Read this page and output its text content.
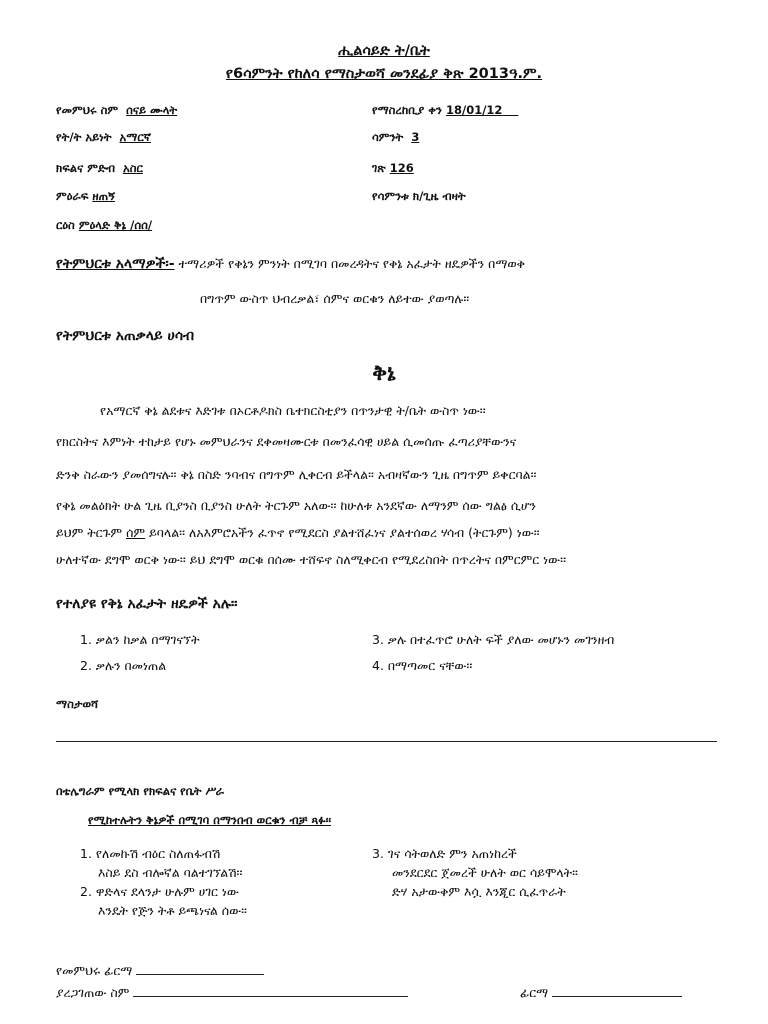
ሒልሳይድ ት/ቤት
የ6ሳምንት የከለሳ የማስታወሻ መንደፊያ ቅጽ 2013ዓ.ም.
የመምህሩ ስም ሰናይ ሙላት
የት/ት አይነት አማርኛ
ክፍልና ምድብ አስር
ምዕራፍ ዘጠኝ
ርዕስ ምዕላድ ቅኔ /ሰሰ/
የማስረከቢያ ቀን 18/01/12
ሳምንት 3
ገጽ 126
የሳምንቱ ክ/ጊዜ ብዛት
የትምህርቱ አላማዎች፡- ተማሪዎች የቅኔን ምንነት በሚገባ በመረዳትና የቅኔ አፈታት ዘዴዎችን በማወቅ
በግጥም ውስጥ ህብረቃል፣ ሰምና ወርቁን ለይተው ያወጣሉ፡፡
የትምህርቱ አጠቃላይ ሀሳብ
ቅኔ
የአማርኛ ቅኔ ልደቱና እድገቱ በኦርቶዶክስ ቤተክርስቲያን በጥንታዊ ት/ቤት ውስጥ ነው፡፡
የክርስትና እምነት ተከታይ የሆኑ መምህራንና ደቀመዛሙርቱ በመንፈሳዊ ሀይል ሲመሰጡ ፈጣሪያቸውንና
ድንቅ ስራውን ያመሰግናሉ፡፡ ቅኔ በስድ ንባብና በግጥም ሊቀርብ ይችላል፡፡ አብዛኛውን ጊዜ በግጥም ይቀርባል፡፡
የቅኔ መልዕክት ሁል ጊዜ ቢያንስ ቢያንስ ሁለት ትርጉም አለው፡፡ ከሁለቱ አንደኛው ለማንም ሰው ግልፅ ሲሆን
ይህም ትርጉም ሰም ይባላል፡፡ ለአእምሮአችን ፈጥኖ የሚደርስ ያልተሸፈነና ያልተሰወረ ሃሳብ (ትርጉም) ነው፡፡
ሁለተኛው ደግሞ ወርቅ ነው፡፡ ይህ ደግሞ ወርቁ በሰሙ ተሸፍኖ ስለሚቀርብ የሚደረስበት በጥረትና በምርምር ነው፡፡
የተለያዩ የቅኔ አፈታት ዘዴዎች አሉ፡፡
1. ቃልን ከቃል በማገናኘት
2. ቃሉን በመነጠል
3. ቃሉ በተፈጥሮ ሁለት ፍች ያለው መሆኑን መገንዘብ
4. በማጣመር ናቸው፡፡
ማስታወሻ
በቴሌግራም የሚላክ የክፍልና የቤት ሥራ
የሚከተሉትን ቅኔዎች በሚገባ በማንበብ ወርቁን ብቻ ጻፉ፡፡
1. የለመኩሽ ብዕር ስለጠፋብሽ
እስይ ደስ ብሎኛል ባልተገኘልሽ፡፡
2. ዋድላና ደላንታ ሁሉም ሀገር ነው
እንዴት የጅን ትቶ ይጫነናል ሰው፡፡
3. ገና ሳትወለድ ምን አጠነከረች
መንደርደር ጀመረች ሁለት ወር ሳይሞላት፡፡
ድሃ አታውቅም እሷ እንጂር ሲፈጥራት
የመምህሩ ፊርማ
ያረጋገጠው ስም	ፊርማ
